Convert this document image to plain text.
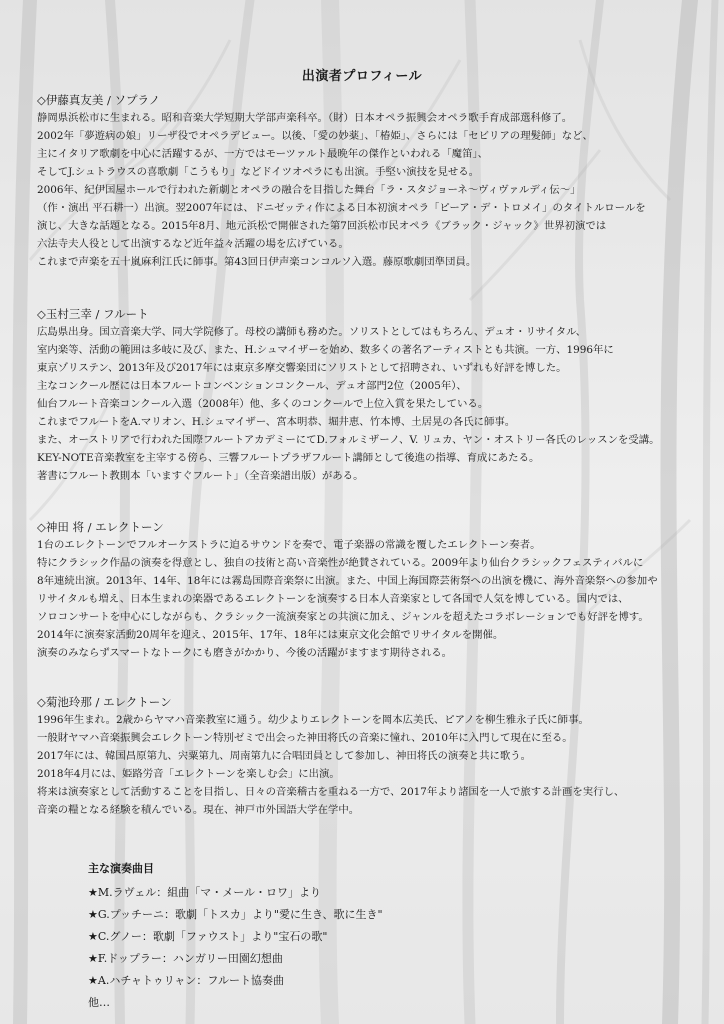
出演者プロフィール
◇伊藤真友美 / ソプラノ
静岡県浜松市に生まれる。昭和音楽大学短期大学部声楽科卒。（財）日本オペラ振興会オペラ歌手育成部選科修了。
2002年「夢遊病の娘」リーザ役でオペラデビュー。以後、「愛の妙薬」、「椿姫」、さらには「セビリアの理髪師」など、
主にイタリア歌劇を中心に活躍するが、一方ではモーツァルト最晩年の傑作といわれる「魔笛」、
そしてJ.シュトラウスの喜歌劇「こうもり」などドイツオペラにも出演。手堅い演技を見せる。
2006年、紀伊国屋ホールで行われた新劇とオペラの融合を目指した舞台「ラ・スタジョーネ〜ヴィヴァルディ伝〜」
（作・演出 平石耕一）出演。翌2007年には、ドニゼッティ作による日本初演オペラ「ピーア・デ・トロメイ」のタイトルロールを
演じ、大きな話題となる。2015年8月、地元浜松で開催された第7回浜松市民オペラ《ブラック・ジャック》世界初演では
六法寺夫人役として出演するなど近年益々活躍の場を広げている。
これまで声楽を五十嵐麻利江氏に師事。第43回日伊声楽コンコルソ入選。藤原歌劇団準団員。
◇玉村三幸 / フルート
広島県出身。国立音楽大学、同大学院修了。母校の講師も務めた。ソリストとしてはもちろん、デュオ・リサイタル、
室内楽等、活動の範囲は多岐に及び、また、H.シュマイザーを始め、数多くの著名アーティストとも共演。一方、1996年に
東京ゾリステン、2013年及び2017年には東京多摩交響楽団にソリストとして招聘され、いずれも好評を博した。
主なコンクール歴には日本フルートコンベンションコンクール、デュオ部門2位（2005年）、
仙台フルート音楽コンクール入選（2008年）他、多くのコンクールで上位入賞を果たしている。
これまでフルートをA.マリオン、H.シュマイザー、宮本明恭、堀井恵、竹本博、土居晃の各氏に師事。
また、オーストリアで行われた国際フルートアカデミーにてD.フォルミザーノ、V. リュカ、ヤン・オストリー各氏のレッスンを受講。
KEY-NOTE音楽教室を主宰する傍ら、三響フルートプラザフルート講師として後進の指導、育成にあたる。
著書にフルート教則本「いますぐフルート」（全音楽譜出版）がある。
◇神田 将 / エレクトーン
1台のエレクトーンでフルオーケストラに迫るサウンドを奏で、電子楽器の常識を覆したエレクトーン奏者。
特にクラシック作品の演奏を得意とし、独自の技術と高い音楽性が絶賛されている。2009年より仙台クラシックフェスティバルに
8年連続出演。2013年、14年、18年には霧島国際音楽祭に出演。また、中国上海国際芸術祭への出演を機に、海外音楽祭への参加や
リサイタルも増え、日本生まれの楽器であるエレクトーンを演奏する日本人音楽家として各国で人気を博している。国内では、
ソロコンサートを中心にしながらも、クラシック一流演奏家との共演に加え、ジャンルを超えたコラボレーションでも好評を博す。
2014年に演奏家活動20周年を迎え、2015年、17年、18年には東京文化会館でリサイタルを開催。
演奏のみならずスマートなトークにも磨きがかかり、今後の活躍がますます期待される。
◇菊池玲那 / エレクトーン
1996年生まれ。2歳からヤマハ音楽教室に通う。幼少よりエレクトーンを岡本広美氏、ピアノを柳生雅永子氏に師事。
一般財ヤマハ音楽振興会エレクトーン特別ゼミで出会った神田将氏の音楽に憧れ、2010年に入門して現在に至る。
2017年には、韓国昌原第九、宍粟第九、周南第九に合唱団員として参加し、神田将氏の演奏と共に歌う。
2018年4月には、姫路労音「エレクトーンを楽しむ会」に出演。
将来は演奏家として活動することを目指し、日々の音楽稽古を重ねる一方で、2017年より諸国を一人で旅する計画を実行し、
音楽の糧となる経験を積んでいる。現在、神戸市外国語大学在学中。
主な演奏曲目
★M.ラヴェル：組曲「マ・メール・ロワ」より
★G.プッチーニ：歌劇「トスカ」より"愛に生き、歌に生き"
★C.グノー：歌劇「ファウスト」より"宝石の歌"
★F.ドップラー：ハンガリー田園幻想曲
★A.ハチャトゥリャン：フルート協奏曲
他…
